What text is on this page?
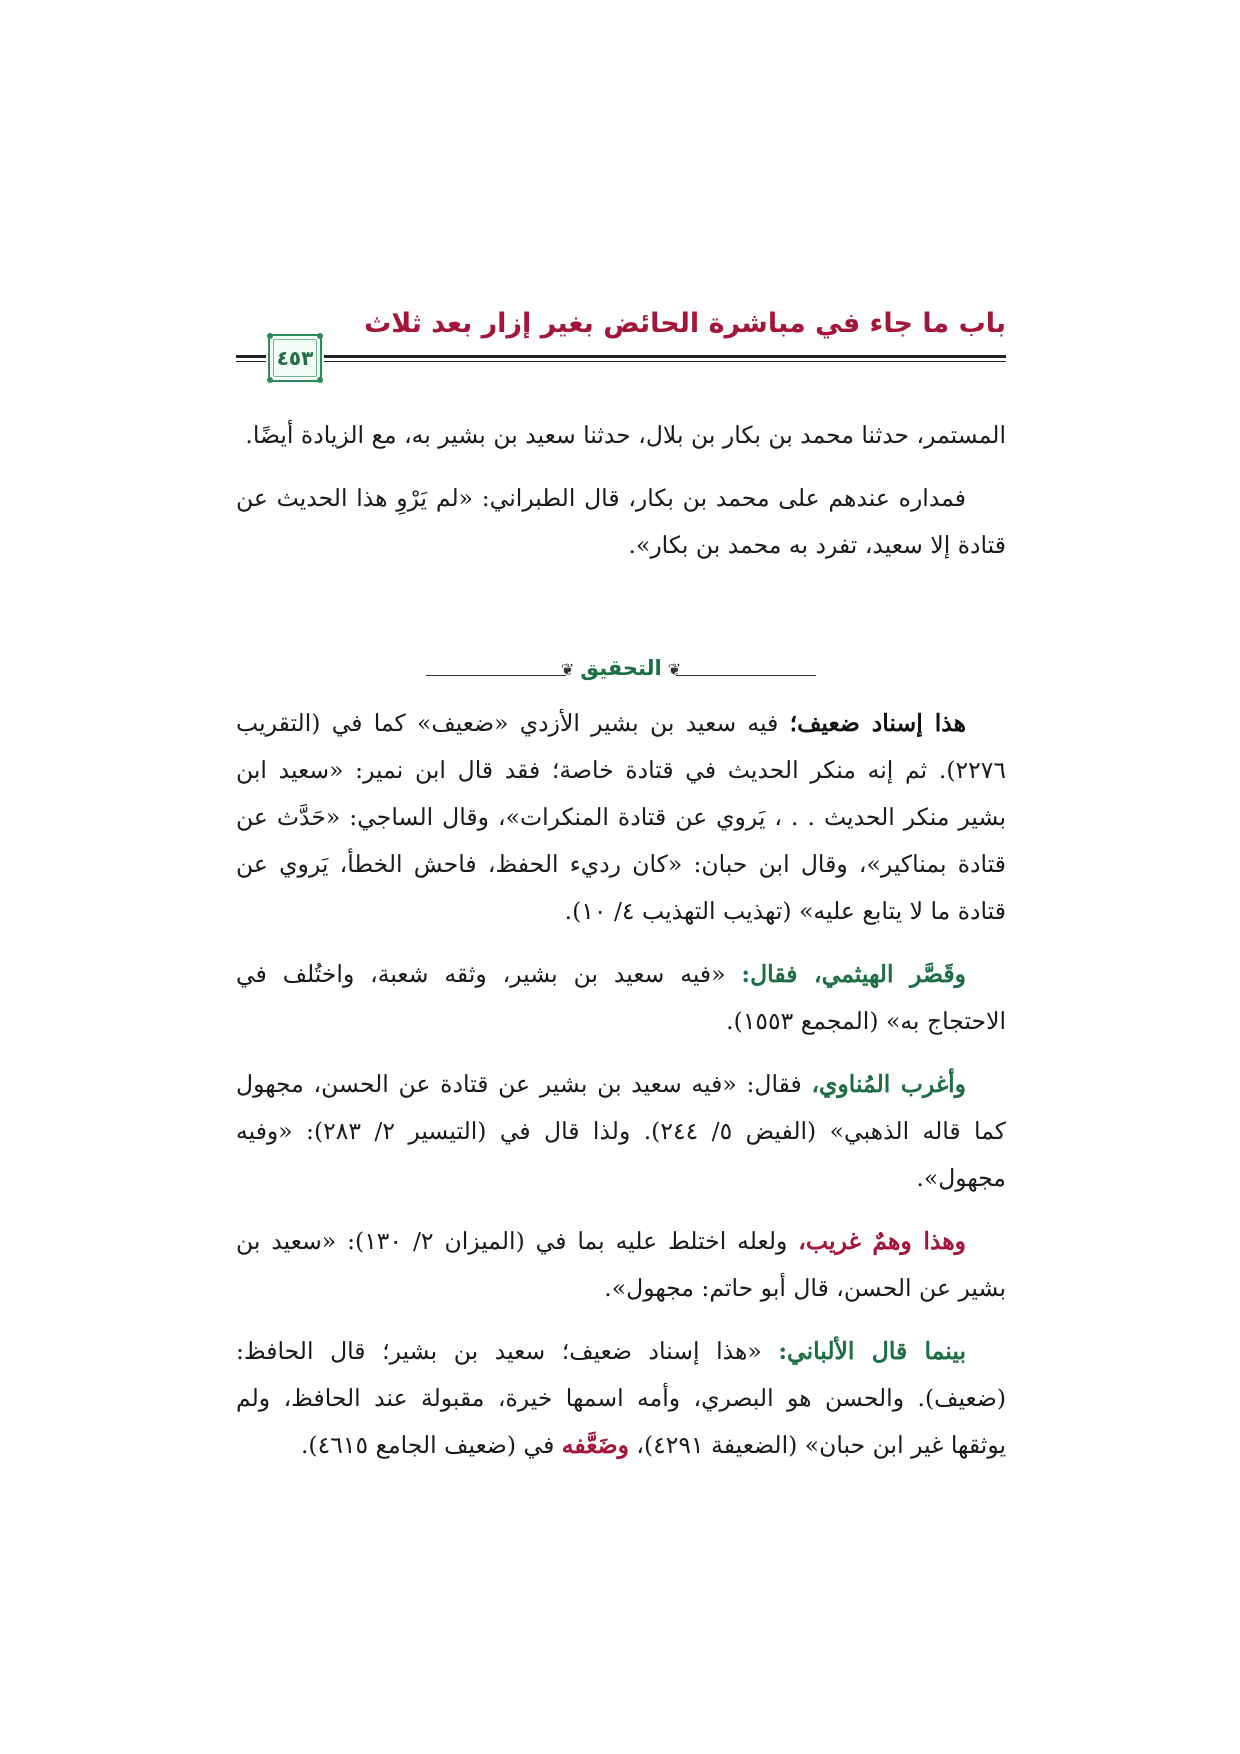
باب ما جاء في مباشرة الحائض بغير إزار بعد ثلاث
٤٥٣

المستمر، حدثنا محمد بن بكار بن بلال، حدثنا سعيد بن بشير به، مع الزيادة أيضًا.

فمداره عندهم على محمد بن بكار، قال الطبراني: «لم يَرْوِ هذا الحديث عن قتادة إلا سعيد، تفرد به محمد بن بكار».

❦التحقيق❦

هذا إسناد ضعيف؛ فيه سعيد بن بشير الأزدي «ضعيف» كما في (التقريب ٢٢٧٦). ثم إنه منكر الحديث في قتادة خاصة؛ فقد قال ابن نمير: «سعيد ابن بشير منكر الحديث . . ، يَروي عن قتادة المنكرات»، وقال الساجي: «حَدَّث عن قتادة بمناكير»، وقال ابن حبان: «كان رديء الحفظ، فاحش الخطأ، يَروي عن قتادة ما لا يتابع عليه» (تهذيب التهذيب ٤/ ١٠).

وقَصَّر الهيثمي، فقال: «فيه سعيد بن بشير، وثقه شعبة، واختُلف في الاحتجاج به» (المجمع ١٥٥٣).

وأغرب المُناوي، فقال: «فيه سعيد بن بشير عن قتادة عن الحسن، مجهول كما قاله الذهبي» (الفيض ٥/ ٢٤٤). ولذا قال في (التيسير ٢/ ٢٨٣): «وفيه مجهول».

وهذا وهمٌ غريب، ولعله اختلط عليه بما في (الميزان ٢/ ١٣٠): «سعيد بن بشير عن الحسن، قال أبو حاتم: مجهول».

بينما قال الألباني: «هذا إسناد ضعيف؛ سعيد بن بشير؛ قال الحافظ: (ضعيف). والحسن هو البصري، وأمه اسمها خيرة، مقبولة عند الحافظ، ولم يوثقها غير ابن حبان» (الضعيفة ٤٢٩١)، وضَعَّفه في (ضعيف الجامع ٤٦١٥).
